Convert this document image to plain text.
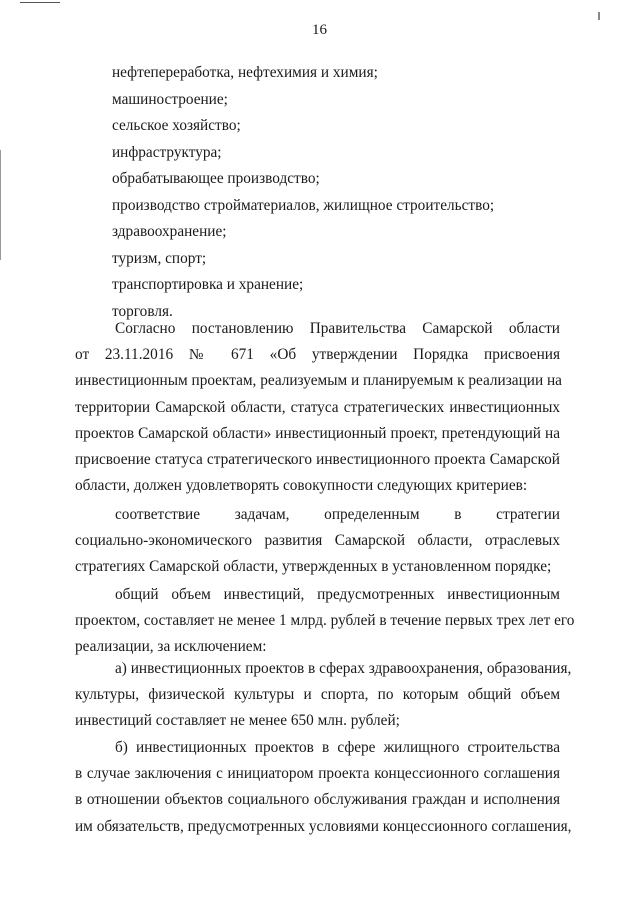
16
нефтепереработка, нефтехимия и химия;
машиностроение;
сельское хозяйство;
инфраструктура;
обрабатывающее производство;
производство стройматериалов, жилищное строительство;
здравоохранение;
туризм, спорт;
транспортировка и хранение;
торговля.
Согласно постановлению Правительства Самарской области
от 23.11.2016 № 671 «Об утверждении Порядка присвоения
инвестиционным проектам, реализуемым и планируемым к реализации на
территории Самарской области, статуса стратегических инвестиционных
проектов Самарской области» инвестиционный проект, претендующий на
присвоение статуса стратегического инвестиционного проекта Самарской
области, должен удовлетворять совокупности следующих критериев:
соответствие задачам, определенным в стратегии
социально-экономического развития Самарской области, отраслевых
стратегиях Самарской области, утвержденных в установленном порядке;
общий объем инвестиций, предусмотренных инвестиционным
проектом, составляет не менее 1 млрд. рублей в течение первых трех лет его
реализации, за исключением:
а) инвестиционных проектов в сферах здравоохранения, образования,
культуры, физической культуры и спорта, по которым общий объем
инвестиций составляет не менее 650 млн. рублей;
б) инвестиционных проектов в сфере жилищного строительства
в случае заключения с инициатором проекта концессионного соглашения
в отношении объектов социального обслуживания граждан и исполнения
им обязательств, предусмотренных условиями концессионного соглашения,
